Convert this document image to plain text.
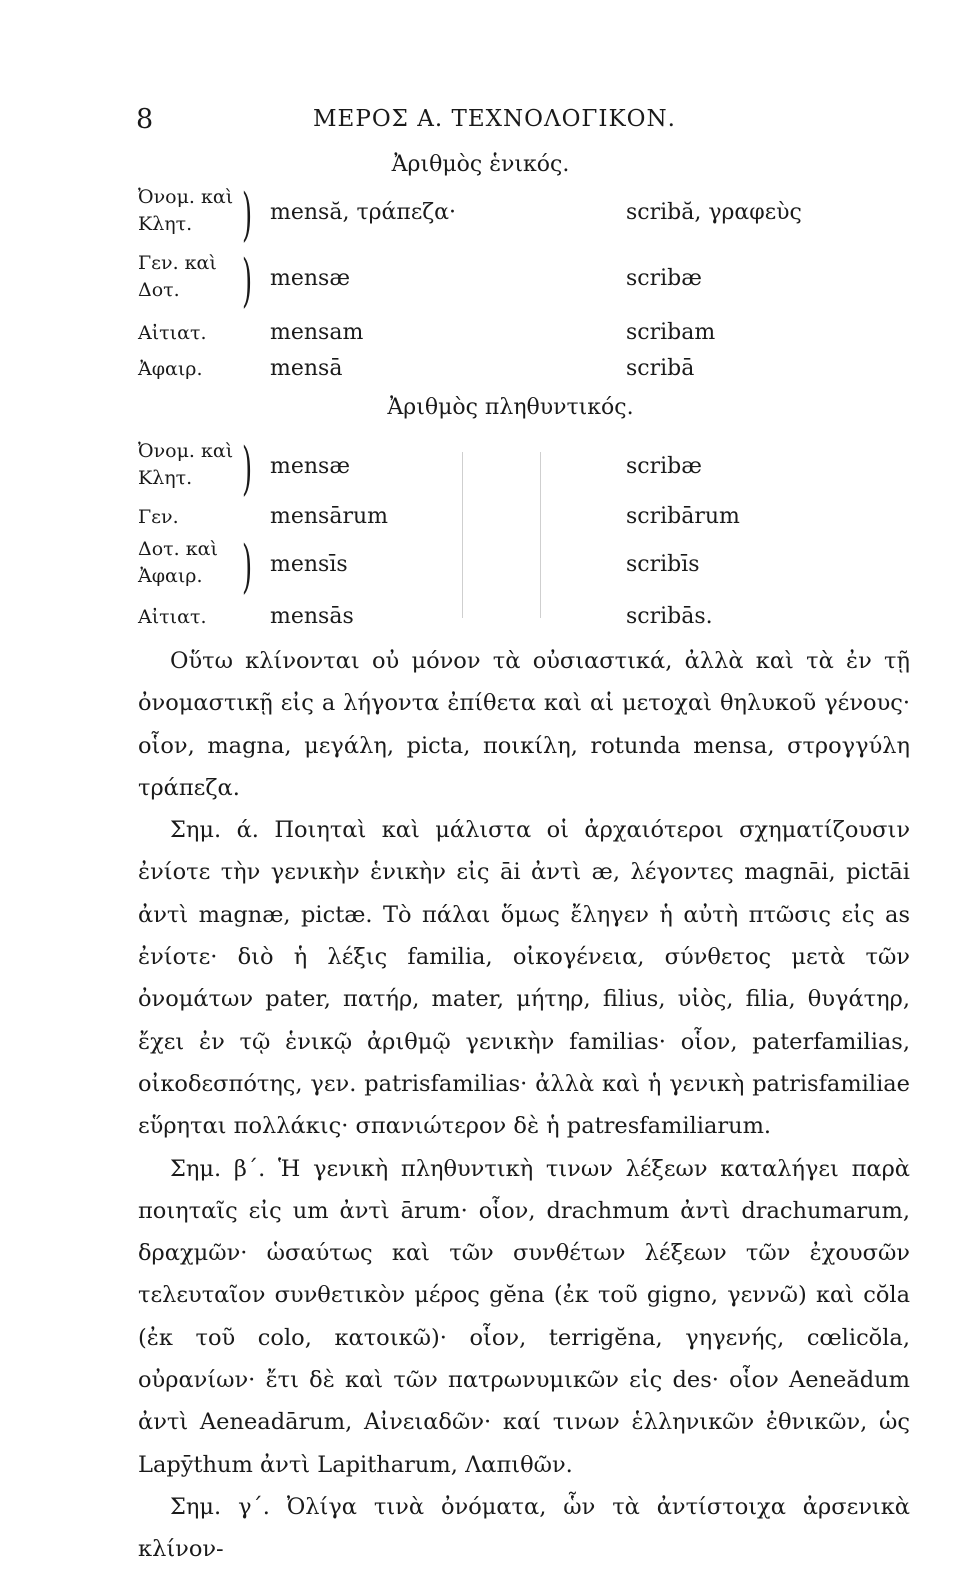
8	ΜΕΡΟΣ Α. ΤΕΧΝΟΛΟΓΙΚΟΝ.
Ἀριθμὸς ἑνικός.
Ὀνομ. καὶ
Κλητ. ) mensă, τράπεζα·	scribă, γραφεὺς
Γεν. καὶ
Δοτ. ) mensæ	scribæ
Αἰτιατ.	mensam	scribam
Ἀφαιρ.	mensā	scribā
Ἀριθμὸς πληθυντικός.
Ὀνομ. καὶ
Κλητ. ) mensæ	scribæ
Γεν.	mensārum	scribārum
Δοτ. καὶ
Ἀφαιρ. ) mensīs	scribīs
Αἰτιατ.	mensās	scribās.

Οὕτω κλίνονται οὐ μόνον τὰ οὐσιαστικά, ἀλλὰ καὶ τὰ ἐν τῇ ὀνομαστικῇ εἰς a λήγοντα ἐπίθετα καὶ αἱ μετοχαὶ θηλυκοῦ γένους· οἷον, magna, μεγάλη, picta, ποικίλη, rotunda mensa, στρογγύλη τράπεζα.

Σημ. ά. Ποιηταὶ καὶ μάλιστα οἱ ἀρχαιότεροι σχηματίζουσιν ἐνίοτε τὴν γενικὴν ἑνικὴν εἰς āi ἀντὶ æ, λέγοντες magnāi, pictāi ἀντὶ magnæ, pictæ. Τὸ πάλαι ὅμως ἔληγεν ἡ αὐτὴ πτῶσις εἰς as ἐνίοτε· διὸ ἡ λέξις familia, οἰκογένεια, σύνθετος μετὰ τῶν ὀνομάτων pater, πατήρ, mater, μήτηρ, filius, υἱὸς, filia, θυγάτηρ, ἔχει ἐν τῷ ἑνικῷ ἀριθμῷ γενικὴν familias· οἷον, paterfamilias, οἰκοδεσπότης, γεν. patrisfamilias· ἀλλὰ καὶ ἡ γενικὴ patrisfamiliae εὕρηται πολλάκις· σπανιώτερον δὲ ἡ patresfamiliarum.

Σημ. β΄. Ἡ γενικὴ πληθυντικὴ τινων λέξεων καταλήγει παρὰ ποιηταῖς εἰς um ἀντὶ ārum· οἷον, drachmum ἀντὶ drachumarum, δραχμῶν· ὡσαύτως καὶ τῶν συνθέτων λέξεων τῶν ἐχουσῶν τελευταῖον συνθετικὸν μέρος gĕna (ἐκ τοῦ gigno, γεννῶ) καὶ cŏla (ἐκ τοῦ colo, κατοικῶ)· οἷον, terrigĕna, γηγενής, cœlicŏla, οὐρανίων· ἔτι δὲ καὶ τῶν πατρωνυμικῶν εἰς des· οἷον Aeneădum ἀντὶ Aeneadārum, Αἰνειαδῶν· καί τινων ἑλληνικῶν ἐθνικῶν, ὡς Lapȳthum ἀντὶ Lapitharum, Λαπιθῶν.

Σημ. γ΄. Ὀλίγα τινὰ ὀνόματα, ὧν τὰ ἀντίστοιχα ἀρσενικὰ κλίνον-
